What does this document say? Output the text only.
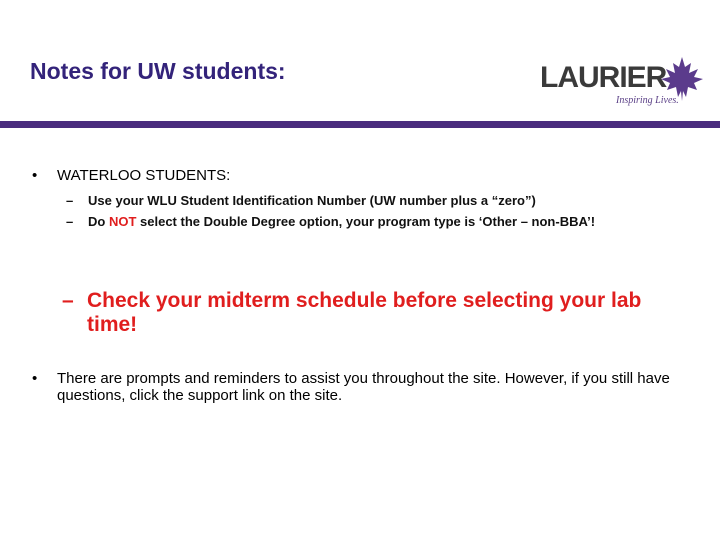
Notes for UW students:	LAURIER
Inspiring Lives.
• WATERLOO STUDENTS:
– Use your WLU Student Identification Number (UW number plus a “zero”)
– Do NOT select the Double Degree option, your program type is ‘Other – non-BBA’!
– Check your midterm schedule before selecting your lab time!
• There are prompts and reminders to assist you throughout the site. However, if you still have questions, click the support link on the site.
